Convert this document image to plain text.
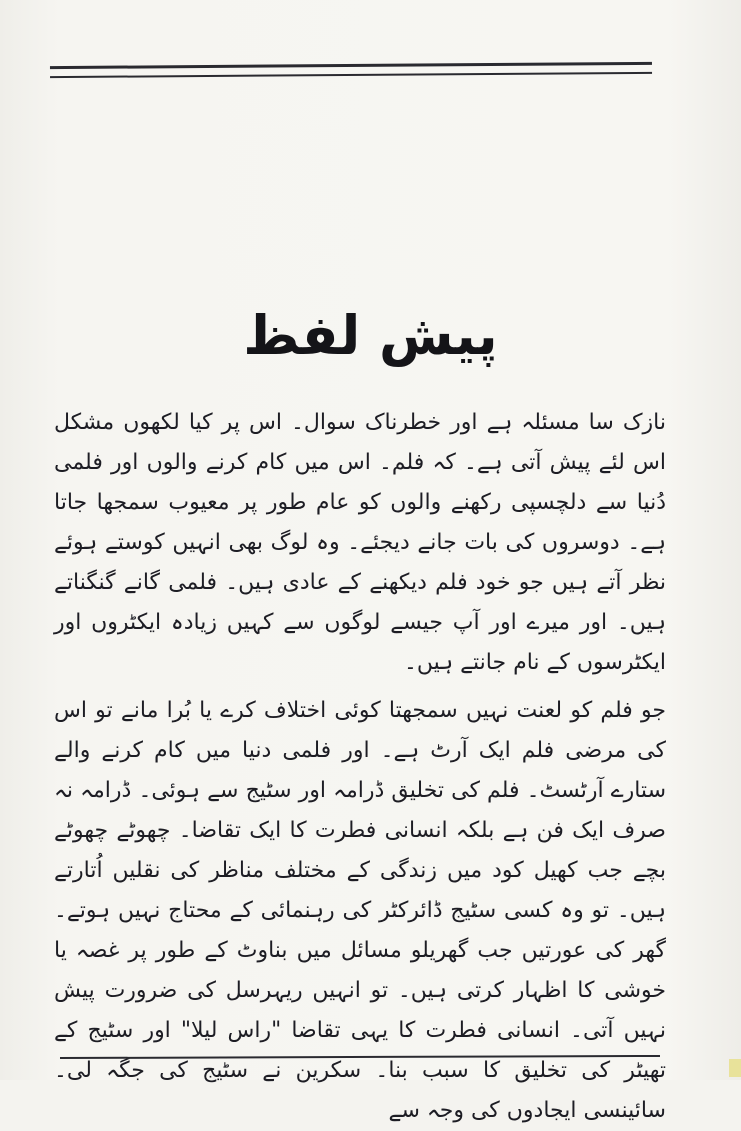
پیش لفظ

نازک سا مسئلہ ہے اور خطرناک سوال۔ اس پر کیا لکھوں مشکل اس لئے پیش آتی ہے۔ کہ فلم۔ اس میں کام کرنے والوں اور فلمی دُنیا سے دلچسپی رکھنے والوں کو عام طور پر معیوب سمجھا جاتا ہے۔ دوسروں کی بات جانے دیجئے۔ وہ لوگ بھی انہیں کوستے ہوئے نظر آتے ہیں جو خود فلم دیکھنے کے عادی ہیں۔ فلمی گانے گنگناتے ہیں۔ اور میرے اور آپ جیسے لوگوں سے کہیں زیادہ ایکٹروں اور ایکٹرسوں کے نام جانتے ہیں۔

جو فلم کو لعنت نہیں سمجھتا کوئی اختلاف کرے یا بُرا مانے تو اس کی مرضی فلم ایک آرٹ ہے۔ اور فلمی دنیا میں کام کرنے والے ستارے آرٹسٹ۔ فلم کی تخلیق ڈرامہ اور سٹیج سے ہوئی۔ ڈرامہ نہ صرف ایک فن ہے بلکہ انسانی فطرت کا ایک تقاضا۔ چھوٹے چھوٹے بچے جب کھیل کود میں زندگی کے مختلف مناظر کی نقلیں اُتارتے ہیں۔ تو وہ کسی سٹیج ڈائرکٹر کی رہنمائی کے محتاج نہیں ہوتے۔ گھر کی عورتیں جب گھریلو مسائل میں بناوٹ کے طور پر غصہ یا خوشی کا اظہار کرتی ہیں۔ تو انہیں ریہرسل کی ضرورت پیش نہیں آتی۔ انسانی فطرت کا یہی تقاضا "راس لیلا" اور سٹیج کے تھیٹر کی تخلیق کا سبب بنا۔ سکرین نے سٹیج کی جگہ لی۔ سائینسی ایجادوں کی وجہ سے
